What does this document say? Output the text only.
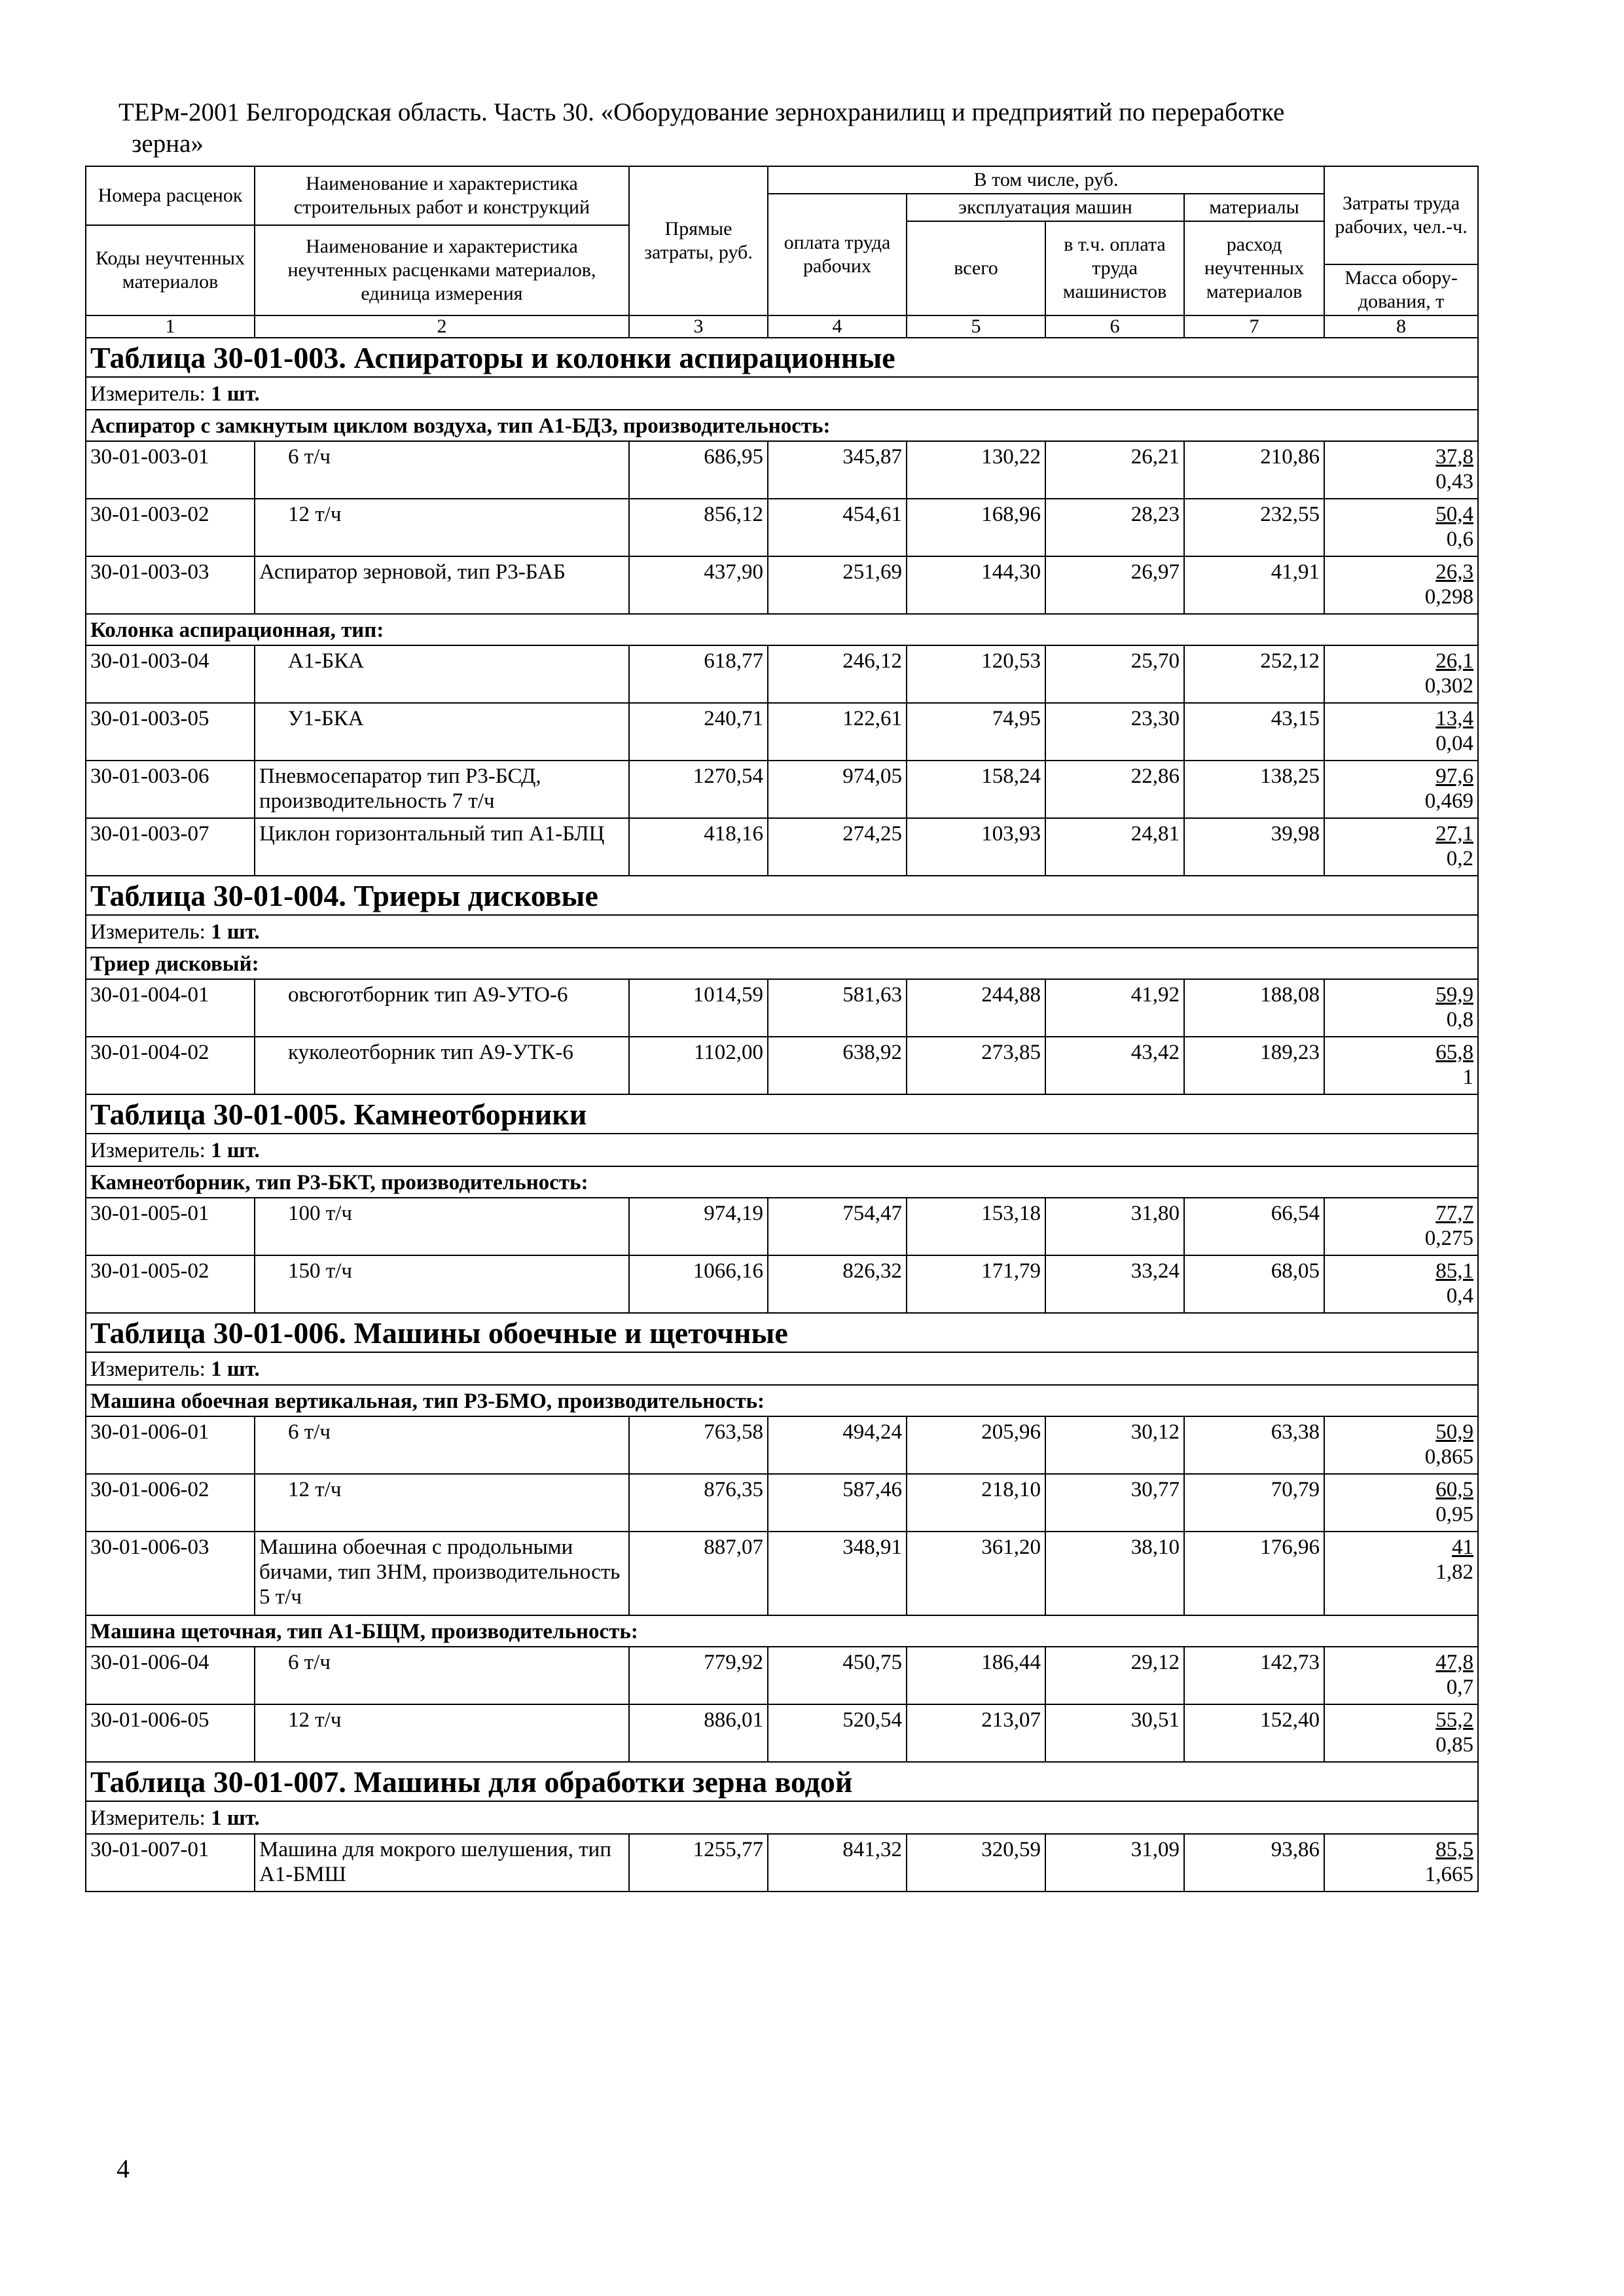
ТЕРм-2001 Белгородская область. Часть 30. «Оборудование зернохранилищ и предприятий по переработке
зерна»
Номера расценок	Наименование и характеристика строительных работ и конструкций	Прямые затраты, руб.	В том числе, руб.				Затраты труда рабочих, чел.-ч.
			оплата труда рабочих	эксплуатация машин		материалы	
				всего	в т.ч. оплата труда машинистов	расход неучтенных материалов	
Коды неучтенных материалов	Наименование и характеристика неучтенных расценками материалов, единица измерения						
							Масса обору-дования, т

1	2	3	4	5	6	7	8
Таблица 30-01-003. Аспираторы и колонки аспирационные							
Измеритель: 1 шт.							
Аспиратор с замкнутым циклом воздуха, тип А1-БДЗ, производительность:							
30-01-003-01	6 т/ч	686,95	345,87	130,22	26,21	210,86	37,8
0,43

30-01-003-02	12 т/ч	856,12	454,61	168,96	28,23	232,55	50,4
0,6

30-01-003-03	Аспиратор зерновой, тип Р3-БАБ	437,90	251,69	144,30	26,97	41,91	26,3
0,298

Колонка аспирационная, тип:							
30-01-003-04	А1-БКА	618,77	246,12	120,53	25,70	252,12	26,1
0,302

30-01-003-05	У1-БКА	240,71	122,61	74,95	23,30	43,15	13,4
0,04

30-01-003-06	Пневмосепаратор тип Р3-БСД, производительность 7 т/ч	1270,54	974,05	158,24	22,86	138,25	97,6
0,469

30-01-003-07	Циклон горизонтальный тип А1-БЛЦ	418,16	274,25	103,93	24,81	39,98	27,1
0,2

Таблица 30-01-004. Триеры дисковые							
Измеритель: 1 шт.							
Триер дисковый:							
30-01-004-01	овсюготборник тип А9-УТО-6	1014,59	581,63	244,88	41,92	188,08	59,9
0,8

30-01-004-02	куколеотборник тип А9-УТК-6	1102,00	638,92	273,85	43,42	189,23	65,8
1

Таблица 30-01-005. Камнеотборники							
Измеритель: 1 шт.							
Камнеотборник, тип Р3-БКТ, производительность:							
30-01-005-01	100 т/ч	974,19	754,47	153,18	31,80	66,54	77,7
0,275

30-01-005-02	150 т/ч	1066,16	826,32	171,79	33,24	68,05	85,1
0,4

Таблица 30-01-006. Машины обоечные и щеточные							
Измеритель: 1 шт.							
Машина обоечная вертикальная, тип Р3-БМО, производительность:							
30-01-006-01	6 т/ч	763,58	494,24	205,96	30,12	63,38	50,9
0,865

30-01-006-02	12 т/ч	876,35	587,46	218,10	30,77	70,79	60,5
0,95

30-01-006-03	Машина обоечная с продольными бичами, тип ЗНМ, производительность 5 т/ч	887,07	348,91	361,20	38,10	176,96	41
1,82

Машина щеточная, тип А1-БЩМ, производительность:							
30-01-006-04	6 т/ч	779,92	450,75	186,44	29,12	142,73	47,8
0,7

30-01-006-05	12 т/ч	886,01	520,54	213,07	30,51	152,40	55,2
0,85

Таблица 30-01-007. Машины для обработки зерна водой							
Измеритель: 1 шт.							
30-01-007-01	Машина для мокрого шелушения, тип А1-БМШ	1255,77	841,32	320,59	31,09	93,86	85,5
1,665
4
